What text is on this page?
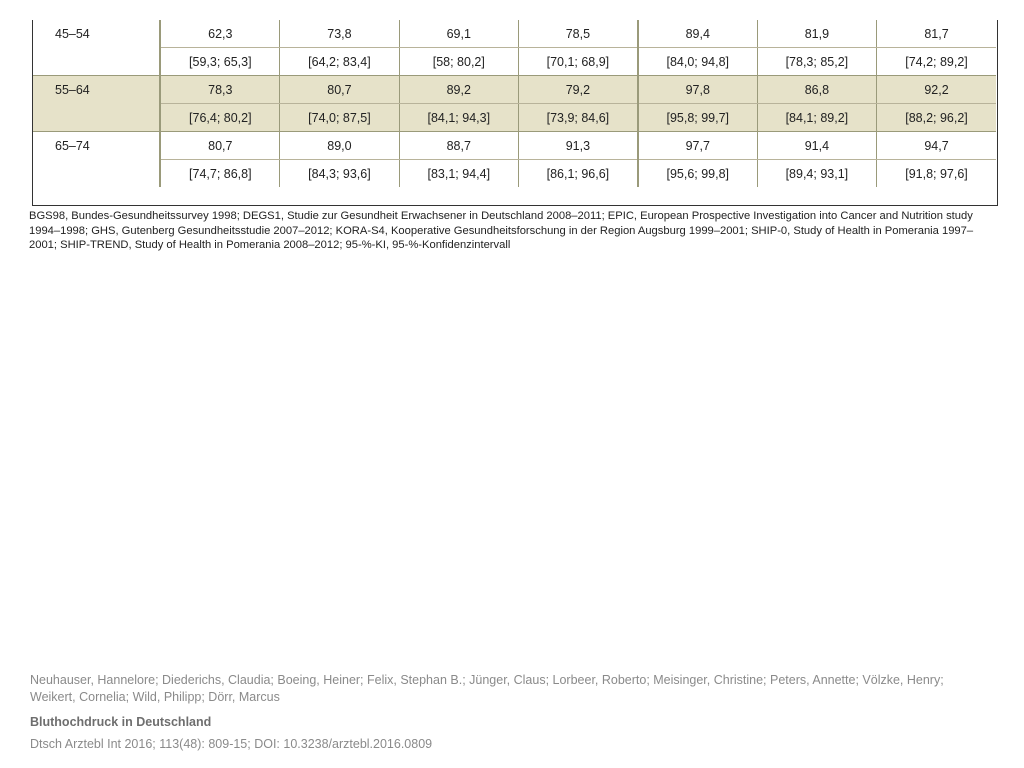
45–54	62,3	73,8	69,1	78,5	89,4	81,9	81,7
	[59,3; 65,3]	[64,2; 83,4]	[58; 80,2]	[70,1; 68,9]	[84,0; 94,8]	[78,3; 85,2]	[74,2; 89,2]
55–64	78,3	80,7	89,2	79,2	97,8	86,8	92,2
	[76,4; 80,2]	[74,0; 87,5]	[84,1; 94,3]	[73,9; 84,6]	[95,8; 99,7]	[84,1; 89,2]	[88,2; 96,2]
65–74	80,7	89,0	88,7	91,3	97,7	91,4	94,7
	[74,7; 86,8]	[84,3; 93,6]	[83,1; 94,4]	[86,1; 96,6]	[95,6; 99,8]	[89,4; 93,1]	[91,8; 97,6]
BGS98, Bundes-Gesundheitssurvey 1998; DEGS1, Studie zur Gesundheit Erwachsener in Deutschland 2008–2011; EPIC, European Prospective Investigation into Cancer and Nutrition study 1994–1998; GHS, Gutenberg Gesundheitsstudie 2007–2012; KORA-S4, Kooperative Gesundheitsforschung in der Region Augsburg 1999–2001; SHIP-0, Study of Health in Pomerania 1997–2001; SHIP-TREND, Study of Health in Pomerania 2008–2012; 95-%-KI, 95-%-Konfidenzintervall

Neuhauser, Hannelore; Diederichs, Claudia; Boeing, Heiner; Felix, Stephan B.; Jünger, Claus; Lorbeer, Roberto; Meisinger, Christine; Peters, Annette; Völzke, Henry; Weikert, Cornelia; Wild, Philipp; Dörr, Marcus

Bluthochdruck in Deutschland

Dtsch Arztebl Int 2016; 113(48): 809-15; DOI: 10.3238/arztebl.2016.0809
